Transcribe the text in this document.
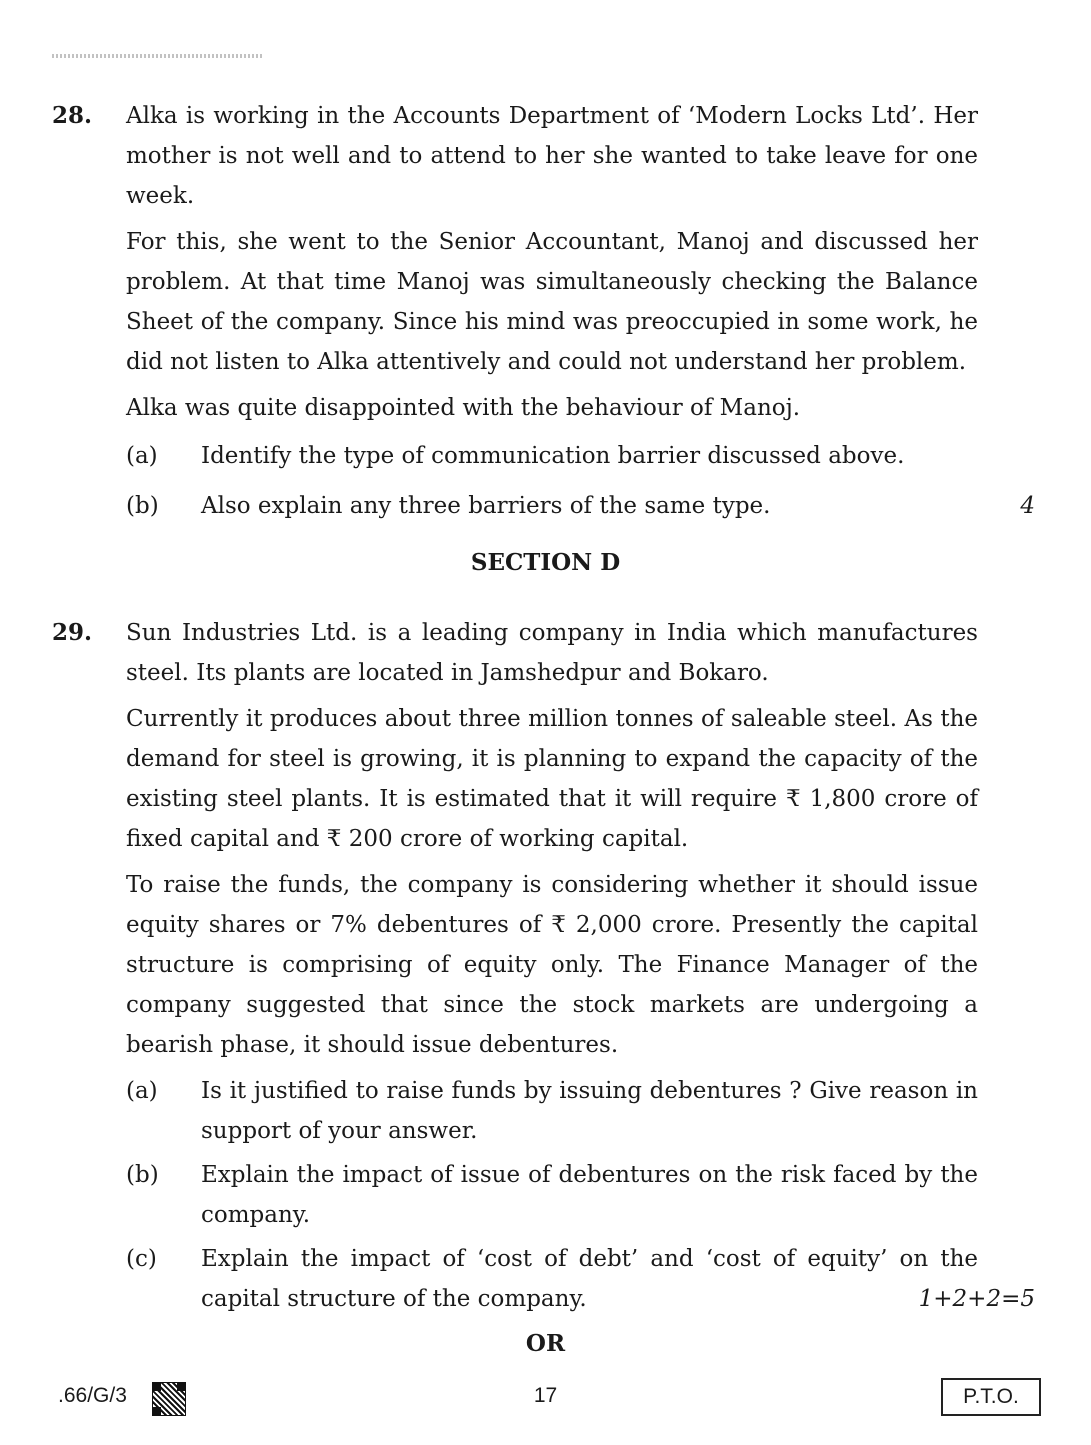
28. Alka is working in the Accounts Department of ‘Modern Locks Ltd’. Her mother is not well and to attend to her she wanted to take leave for one week.

For this, she went to the Senior Accountant, Manoj and discussed her problem. At that time Manoj was simultaneously checking the Balance Sheet of the company. Since his mind was preoccupied in some work, he did not listen to Alka attentively and could not understand her problem.

Alka was quite disappointed with the behaviour of Manoj.

(a)	Identify the type of communication barrier discussed above.
(b)	Also explain any three barriers of the same type.	4
SECTION D
29. Sun Industries Ltd. is a leading company in India which manufactures steel. Its plants are located in Jamshedpur and Bokaro.

Currently it produces about three million tonnes of saleable steel. As the demand for steel is growing, it is planning to expand the capacity of the existing steel plants. It is estimated that it will require ₹ 1,800 crore of fixed capital and ₹ 200 crore of working capital.

To raise the funds, the company is considering whether it should issue equity shares or 7% debentures of ₹ 2,000 crore. Presently the capital structure is comprising of equity only. The Finance Manager of the company suggested that since the stock markets are undergoing a bearish phase, it should issue debentures.

(a)	Is it justified to raise funds by issuing debentures ? Give reason in support of your answer.
(b)	Explain the impact of issue of debentures on the risk faced by the company.
(c)	Explain the impact of ‘cost of debt’ and ‘cost of equity’ on the capital structure of the company.	1+2+2=5
OR
.66/G/3	17	P.T.O.
